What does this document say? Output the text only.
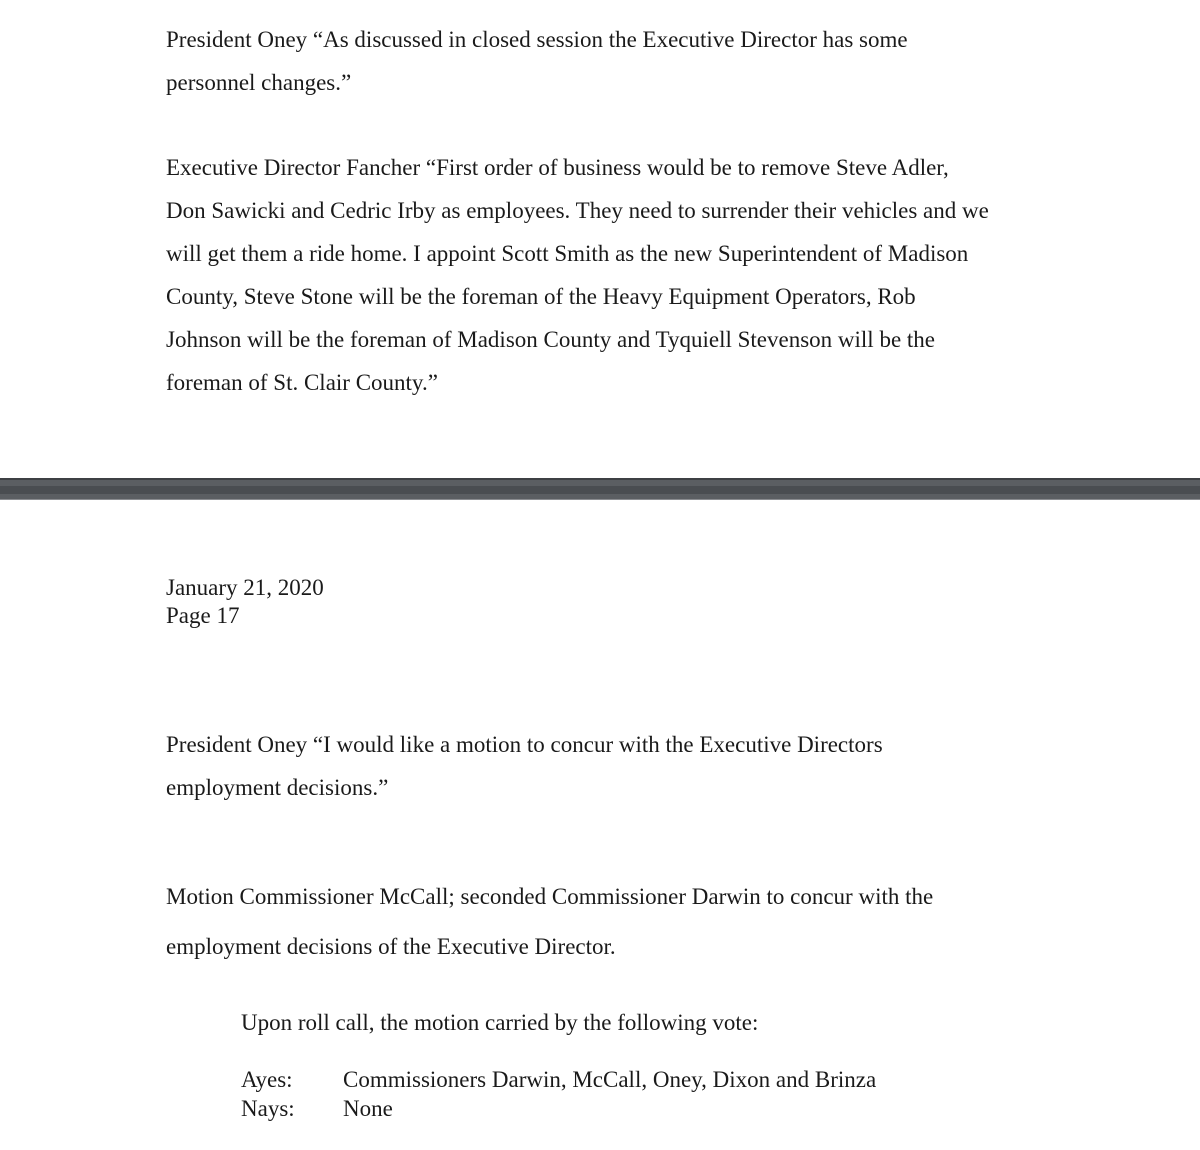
President Oney “As discussed in closed session the Executive Director has some
personnel changes.”

Executive Director Fancher “First order of business would be to remove Steve Adler,
Don Sawicki and Cedric Irby as employees. They need to surrender their vehicles and we
will get them a ride home. I appoint Scott Smith as the new Superintendent of Madison
County, Steve Stone will be the foreman of the Heavy Equipment Operators, Rob
Johnson will be the foreman of Madison County and Tyquiell Stevenson will be the
foreman of St. Clair County.”

January 21, 2020
Page 17

President Oney “I would like a motion to concur with the Executive Directors
employment decisions.”

Motion Commissioner McCall; seconded Commissioner Darwin to concur with the
employment decisions of the Executive Director.

Upon roll call, the motion carried by the following vote:

Ayes:	Commissioners Darwin, McCall, Oney, Dixon and Brinza
Nays:	None
